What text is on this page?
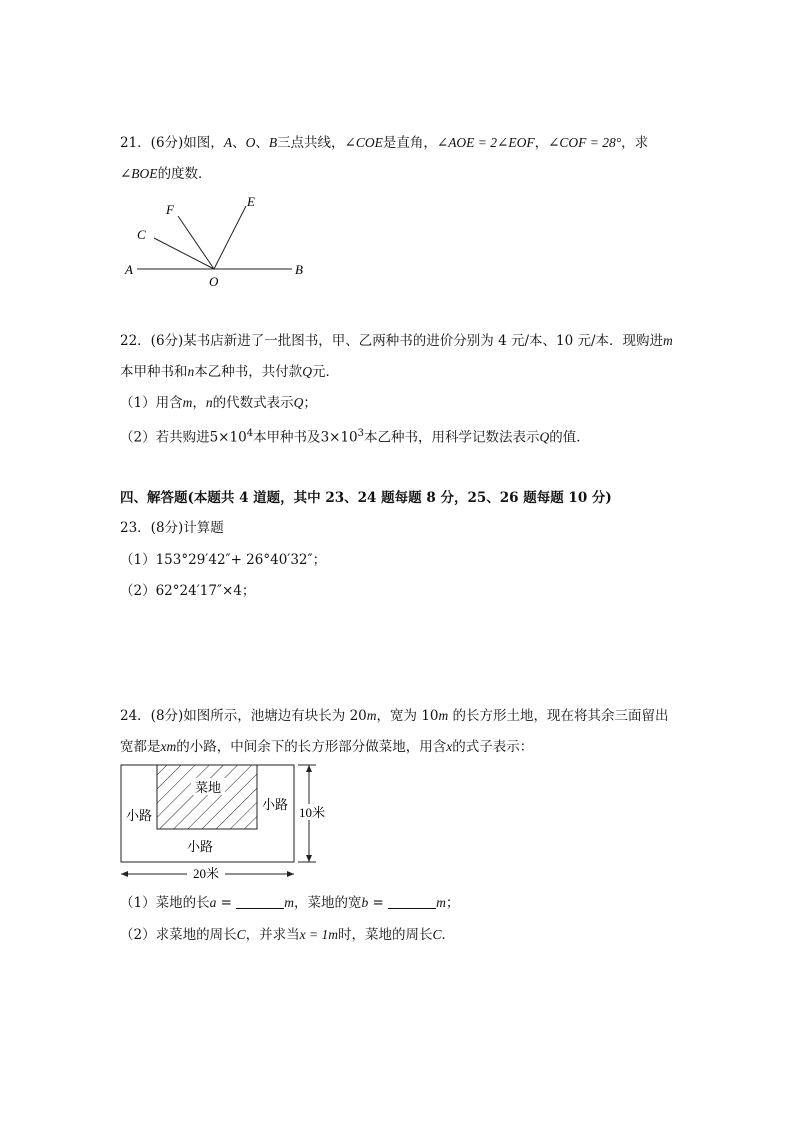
21．(6分)如图，A、O、B三点共线，∠COE是直角，∠AOE = 2∠EOF，∠COF = 28°，求
∠BOE的度数．
A
O
B
C
F
E
22．(6分)某书店新进了一批图书，甲、乙两种书的进价分别为 4 元/本、10 元/本．现购进m
本甲种书和n本乙种书，共付款Q元．
（1）用含m，n的代数式表示Q；
（2）若共购进$5\times 10^4$本甲种书及$3\times 10^3$本乙种书，用科学记数法表示Q的值．
四、解答题(本题共 4 道题，其中 23、24 题每题 8 分，25、26 题每题 10 分)
23．(8分)计算题
（1）153°29′42″+ 26°40′32″；
（2）62°24′17″×4；
24．(8分)如图所示，池塘边有块长为 20m，宽为 10m 的长方形土地，现在将其余三面留出
宽都是xm的小路，中间余下的长方形部分做菜地，用含x的式子表示：
菜地
小路
小路
小路
10米
20米
（1）菜地的长a =	m，菜地的宽b =	m；
（2）求菜地的周长C，并求当x = 1m时，菜地的周长C．
